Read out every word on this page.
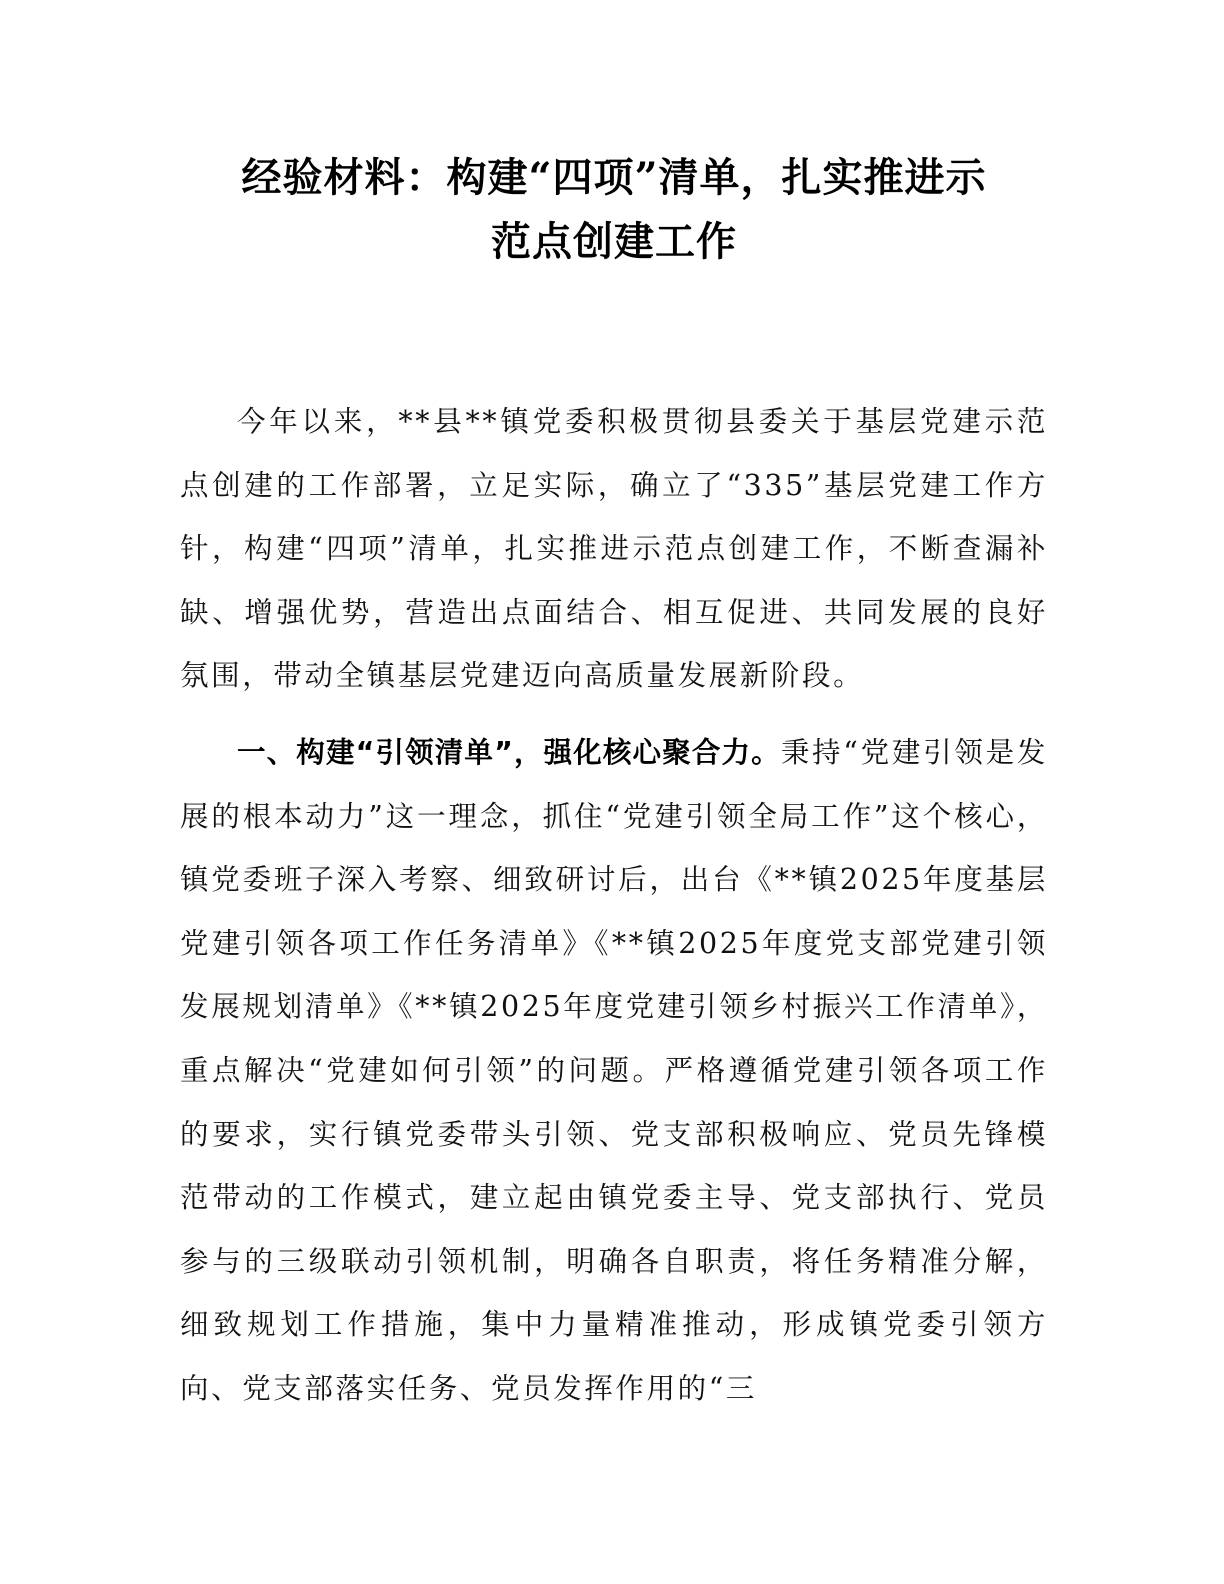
经验材料：构建“四项”清单，扎实推进示
范点创建工作

今年以来，**县**镇党委积极贯彻县委关于基层党建示范点创建的工作部署，立足实际，确立了“335”基层党建工作方针，构建“四项”清单，扎实推进示范点创建工作，不断查漏补缺、增强优势，营造出点面结合、相互促进、共同发展的良好氛围，带动全镇基层党建迈向高质量发展新阶段。

一、构建“引领清单”，强化核心聚合力。秉持“党建引领是发展的根本动力”这一理念，抓住“党建引领全局工作”这个核心，镇党委班子深入考察、细致研讨后，出台《**镇2025年度基层党建引领各项工作任务清单》《**镇2025年度党支部党建引领发展规划清单》《**镇2025年度党建引领乡村振兴工作清单》，重点解决“党建如何引领”的问题。严格遵循党建引领各项工作的要求，实行镇党委带头引领、党支部积极响应、党员先锋模范带动的工作模式，建立起由镇党委主导、党支部执行、党员参与的三级联动引领机制，明确各自职责，将任务精准分解，细致规划工作措施，集中力量精准推动，形成镇党委引领方向、党支部落实任务、党员发挥作用的“三
